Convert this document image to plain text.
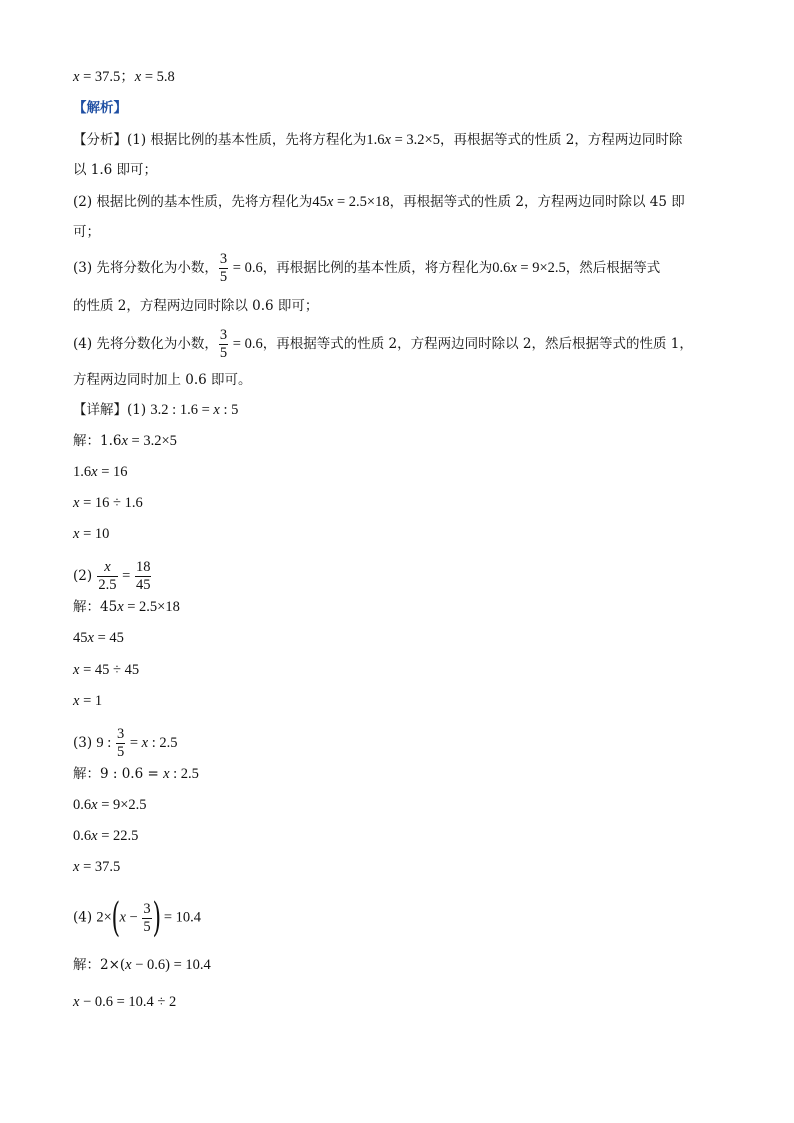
x = 37.5；x = 5.8
【解析】
【分析】(1) 根据比例的基本性质，先将方程化为1.6x = 3.2×5，再根据等式的性质 2，方程两边同时除
以 1.6 即可；
(2) 根据比例的基本性质，先将方程化为45x = 2.5×18，再根据等式的性质 2，方程两边同时除以 45 即
可；
(3) 先将分数化为小数， $\frac{3}{5} = 0.6$，再根据比例的基本性质，将方程化为0.6x = 9×2.5，然后根据等式
的性质 2，方程两边同时除以 0.6 即可；
(4) 先将分数化为小数， $\frac{3}{5} = 0.6$，再根据等式的性质 2，方程两边同时除以 2，然后根据等式的性质 1，
方程两边同时加上 0.6 即可。
【详解】(1) 3.2 : 1.6 = x : 5
解：1.6x = 3.2×5
1.6x = 16
x = 16 ÷ 1.6
x = 10
$(2) \frac{x}{2.5} = \frac{18}{45}$
解：45x = 2.5×18
45x = 45
x = 45 ÷ 45
x = 1
(3) 9 : $\frac{3}{5} = x$ : 2.5
解：9 : 0.6 = x : 2.5
0.6x = 9×2.5
0.6x = 22.5
x = 37.5
(4) $2\times(x - \frac{3}{5}$ ) = 10.4
解：2×(x − 0.6) = 10.4
x − 0.6 = 10.4 ÷ 2
